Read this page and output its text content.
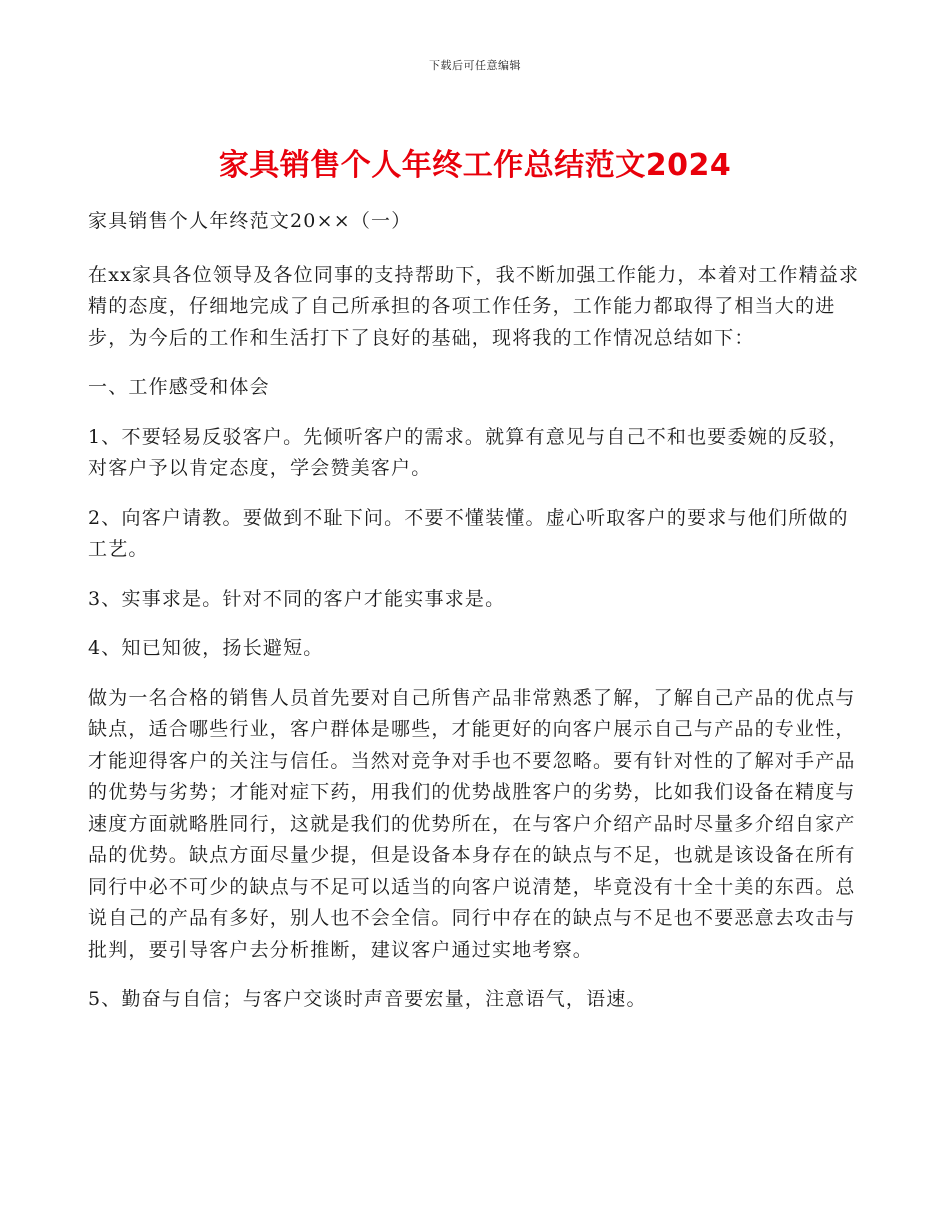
下载后可任意编辑
家具销售个人年终工作总结范文2024

家具销售个人年终范文20××（一）

在xx家具各位领导及各位同事的支持帮助下，我不断加强工作能力，本着对工作精益求精的态度，仔细地完成了自己所承担的各项工作任务，工作能力都取得了相当大的进步，为今后的工作和生活打下了良好的基础，现将我的工作情况总结如下：

一、工作感受和体会

1、不要轻易反驳客户。先倾听客户的需求。就算有意见与自己不和也要委婉的反驳，对客户予以肯定态度，学会赞美客户。

2、向客户请教。要做到不耻下问。不要不懂装懂。虚心听取客户的要求与他们所做的工艺。

3、实事求是。针对不同的客户才能实事求是。

4、知已知彼，扬长避短。

做为一名合格的销售人员首先要对自己所售产品非常熟悉了解，了解自己产品的优点与缺点，适合哪些行业，客户群体是哪些，才能更好的向客户展示自己与产品的专业性，才能迎得客户的关注与信任。当然对竞争对手也不要忽略。要有针对性的了解对手产品的优势与劣势；才能对症下药，用我们的优势战胜客户的劣势，比如我们设备在精度与速度方面就略胜同行，这就是我们的优势所在，在与客户介绍产品时尽量多介绍自家产品的优势。缺点方面尽量少提，但是设备本身存在的缺点与不足，也就是该设备在所有同行中必不可少的缺点与不足可以适当的向客户说清楚，毕竟没有十全十美的东西。总说自己的产品有多好，别人也不会全信。同行中存在的缺点与不足也不要恶意去攻击与批判，要引导客户去分析推断，建议客户通过实地考察。

5、勤奋与自信；与客户交谈时声音要宏量，注意语气，语速。
